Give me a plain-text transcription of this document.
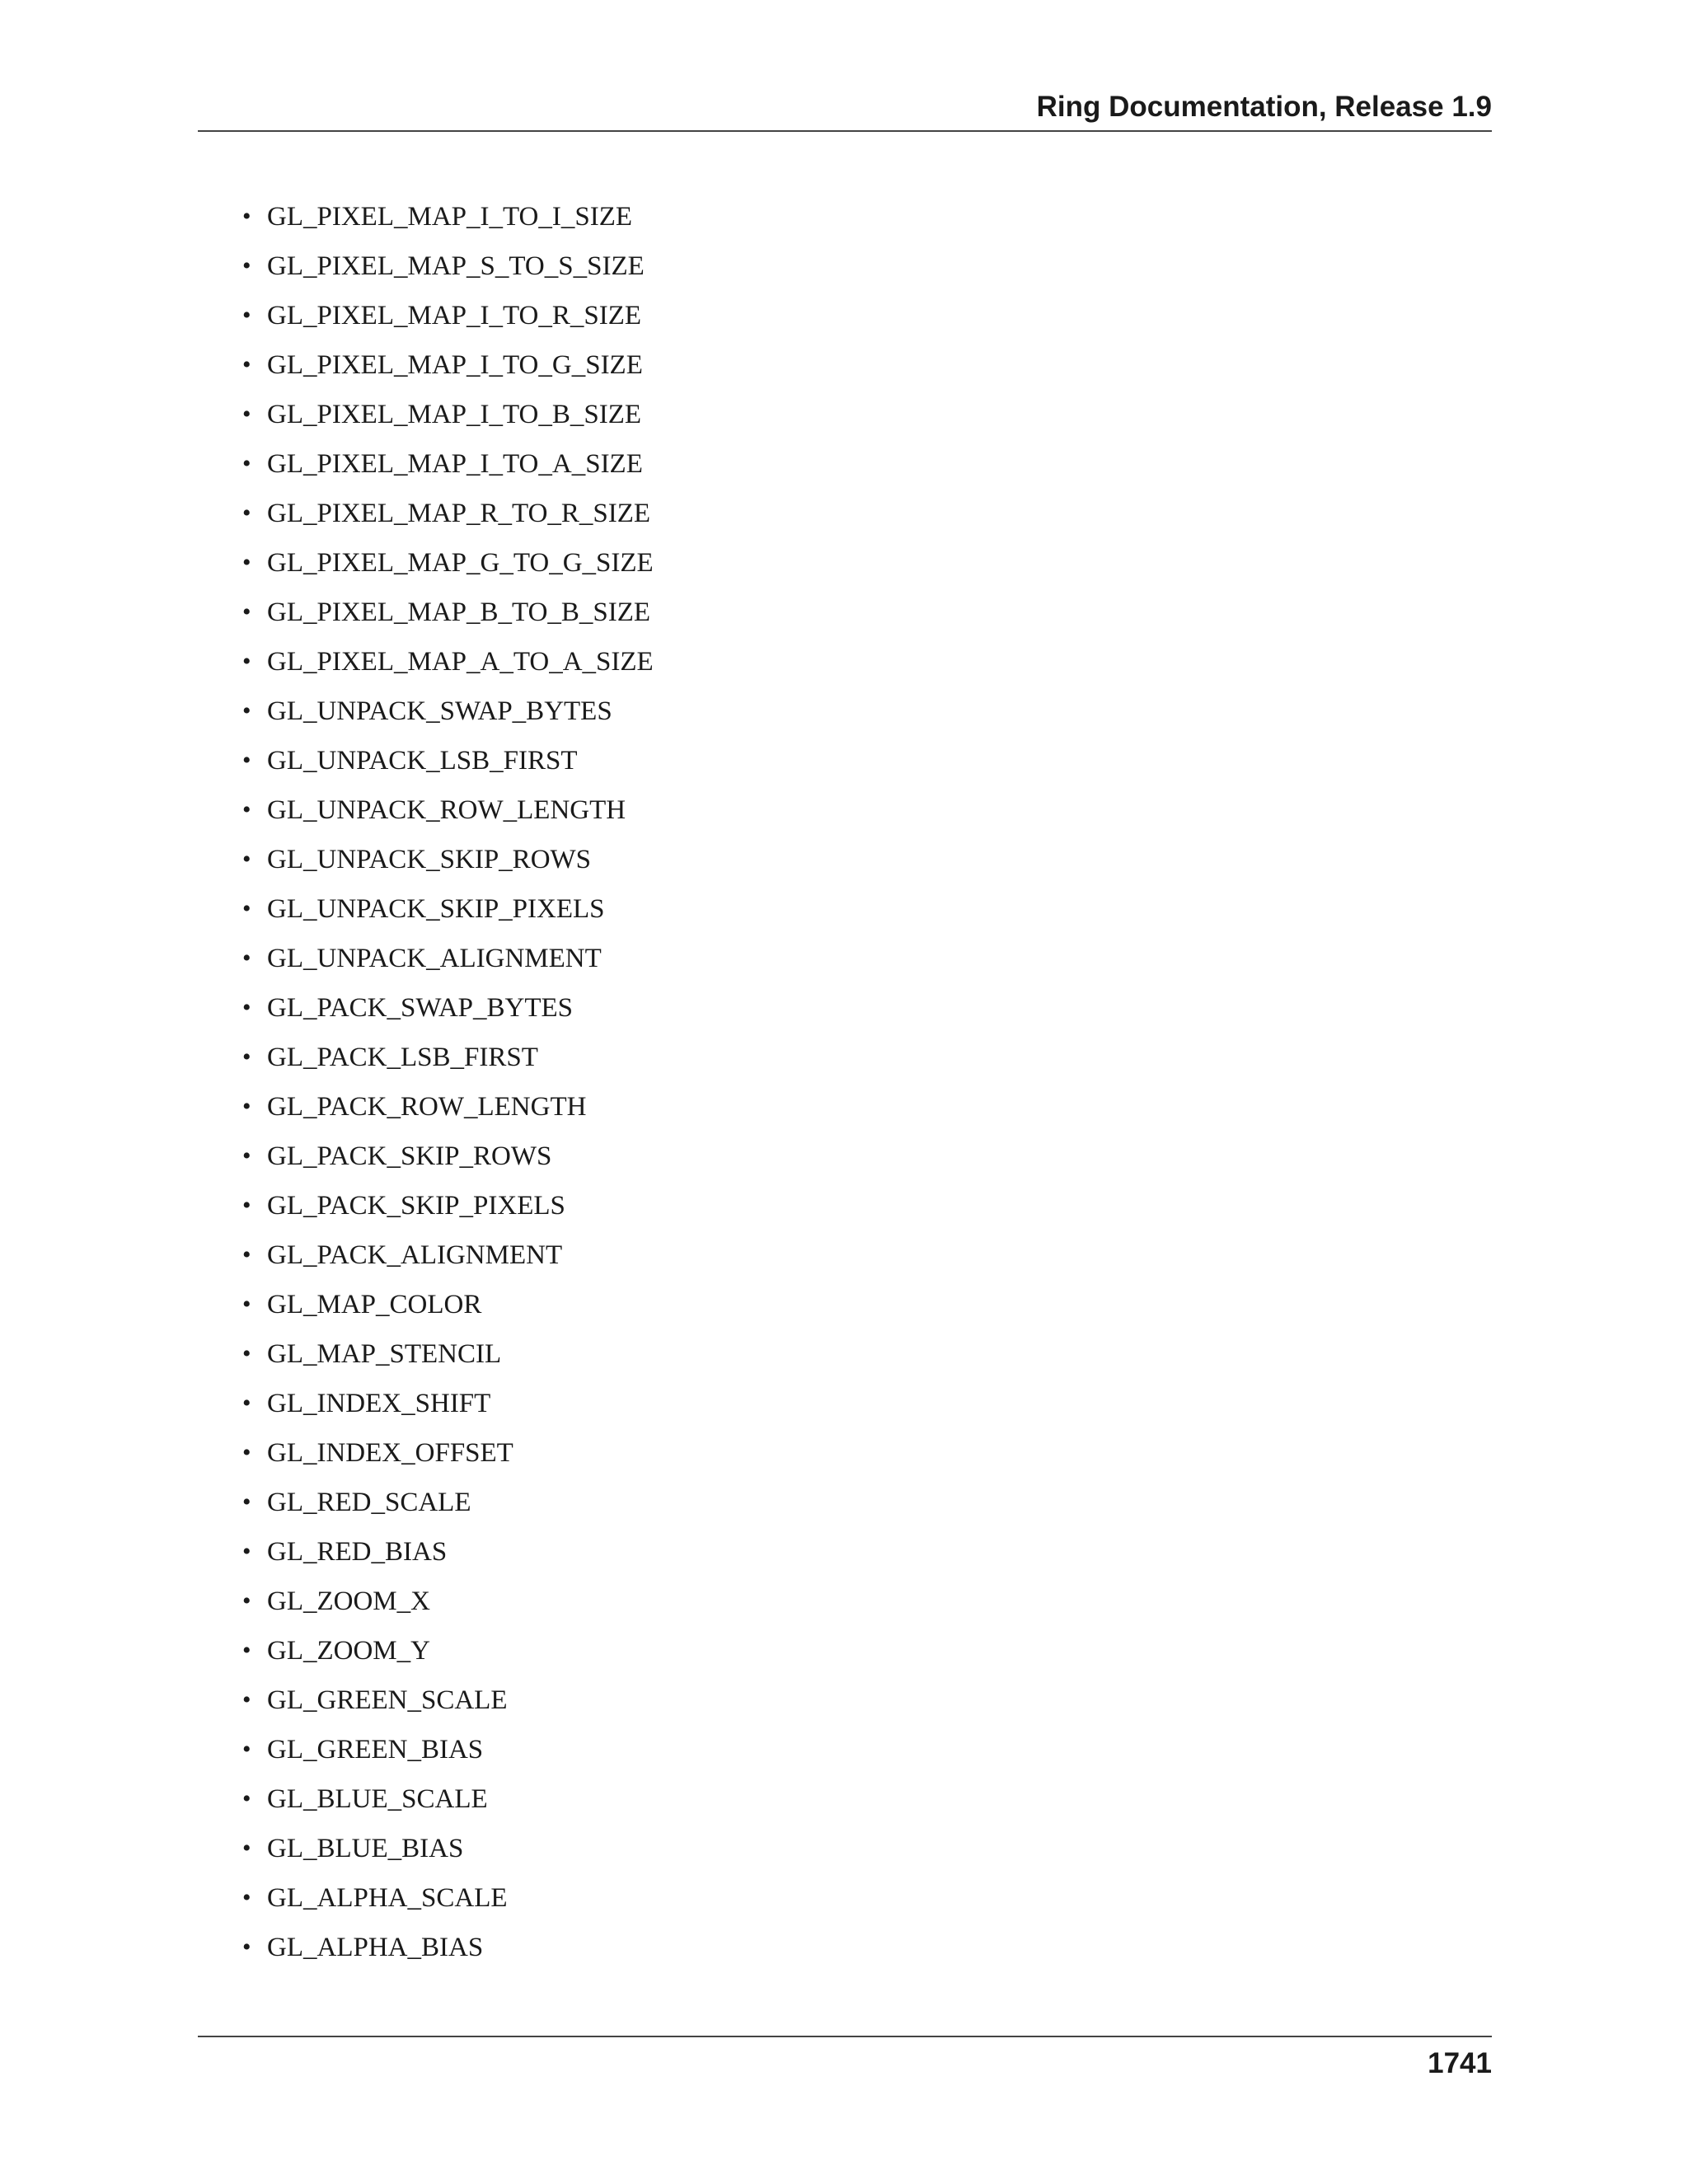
Ring Documentation, Release 1.9
• GL_PIXEL_MAP_I_TO_I_SIZE
• GL_PIXEL_MAP_S_TO_S_SIZE
• GL_PIXEL_MAP_I_TO_R_SIZE
• GL_PIXEL_MAP_I_TO_G_SIZE
• GL_PIXEL_MAP_I_TO_B_SIZE
• GL_PIXEL_MAP_I_TO_A_SIZE
• GL_PIXEL_MAP_R_TO_R_SIZE
• GL_PIXEL_MAP_G_TO_G_SIZE
• GL_PIXEL_MAP_B_TO_B_SIZE
• GL_PIXEL_MAP_A_TO_A_SIZE
• GL_UNPACK_SWAP_BYTES
• GL_UNPACK_LSB_FIRST
• GL_UNPACK_ROW_LENGTH
• GL_UNPACK_SKIP_ROWS
• GL_UNPACK_SKIP_PIXELS
• GL_UNPACK_ALIGNMENT
• GL_PACK_SWAP_BYTES
• GL_PACK_LSB_FIRST
• GL_PACK_ROW_LENGTH
• GL_PACK_SKIP_ROWS
• GL_PACK_SKIP_PIXELS
• GL_PACK_ALIGNMENT
• GL_MAP_COLOR
• GL_MAP_STENCIL
• GL_INDEX_SHIFT
• GL_INDEX_OFFSET
• GL_RED_SCALE
• GL_RED_BIAS
• GL_ZOOM_X
• GL_ZOOM_Y
• GL_GREEN_SCALE
• GL_GREEN_BIAS
• GL_BLUE_SCALE
• GL_BLUE_BIAS
• GL_ALPHA_SCALE
• GL_ALPHA_BIAS
1741
